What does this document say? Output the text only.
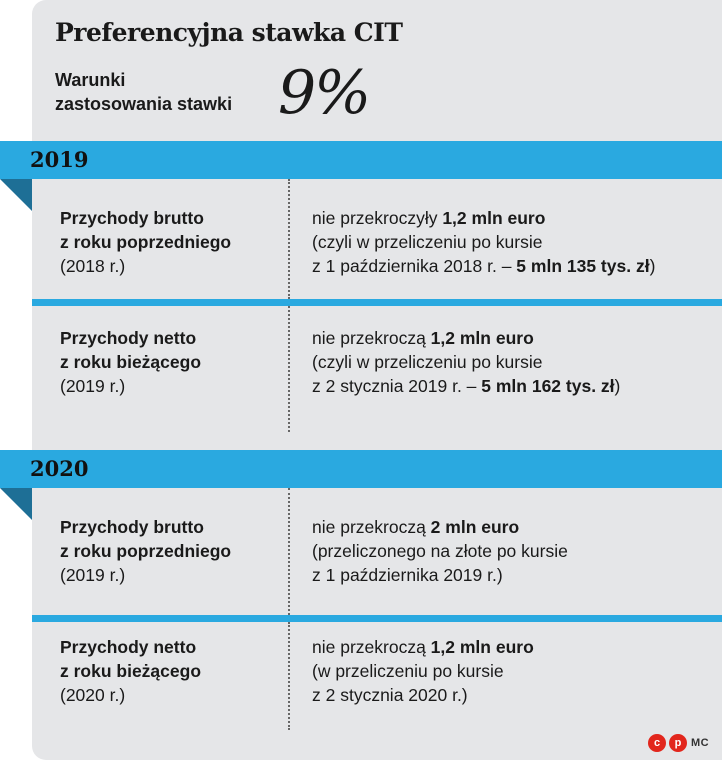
Preferencyjna stawka CIT
Warunki
zastosowania stawki 9%
2019
Przychody brutto
z roku poprzedniego
(2018 r.)
nie przekroczyły 1,2 mln euro
(czyli w przeliczeniu po kursie
z 1 października 2018 r. – 5 mln 135 tys. zł)
Przychody netto
z roku bieżącego
(2019 r.)
nie przekroczą 1,2 mln euro
(czyli w przeliczeniu po kursie
z 2 stycznia 2019 r. – 5 mln 162 tys. zł)
2020
Przychody brutto
z roku poprzedniego
(2019 r.)
nie przekroczą 2 mln euro
(przeliczonego na złote po kursie
z 1 października 2019 r.)
Przychody netto
z roku bieżącego
(2020 r.)
nie przekroczą 1,2 mln euro
(w przeliczeniu po kursie
z 2 stycznia 2020 r.)
c	p MC
